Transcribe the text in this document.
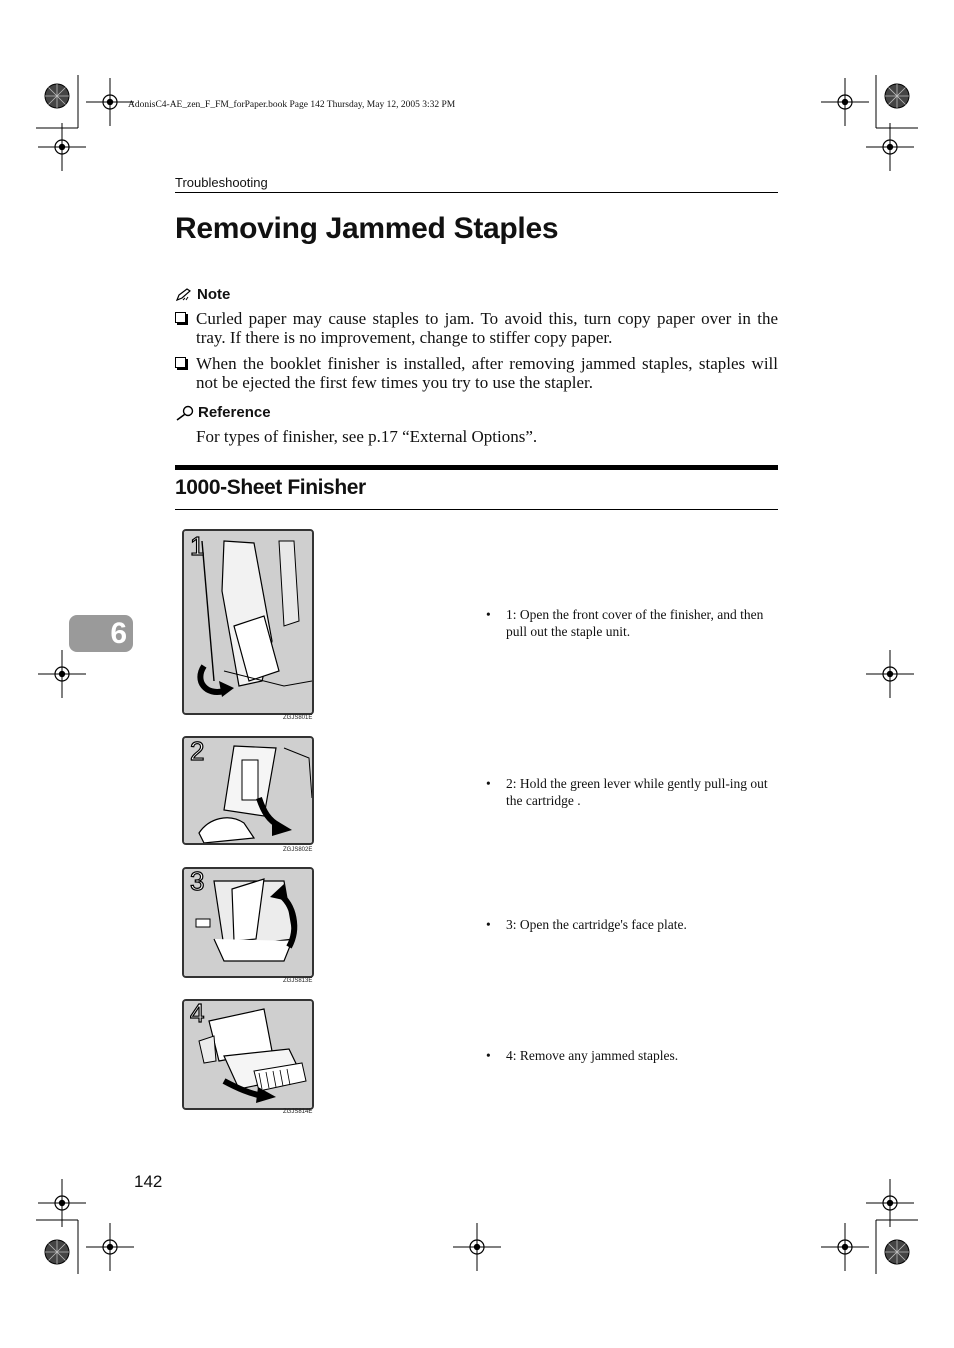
AdonisC4-AE_zen_F_FM_forPaper.book Page 142 Thursday, May 12, 2005 3:32 PM
Troubleshooting
Removing Jammed Staples
Note
Curled paper may cause staples to jam. To avoid this, turn copy paper over in the tray. If there is no improvement, change to stiffer copy paper.
When the booklet finisher is installed, after removing jammed staples, staples will not be ejected the first few times you try to use the stapler.
Reference
For types of finisher, see p.17 “External Options”.
1000-Sheet Finisher
1
ZGJS801E
• 1: Open the front cover of the finisher, and then pull out the staple unit.
2
ZGJS802E
• 2: Hold the green lever while gently pull-ing out the cartridge .
3
ZGJS813E
• 3: Open the cartridge's face plate.
4
ZGJS814E
• 4: Remove any jammed staples.
6
142
